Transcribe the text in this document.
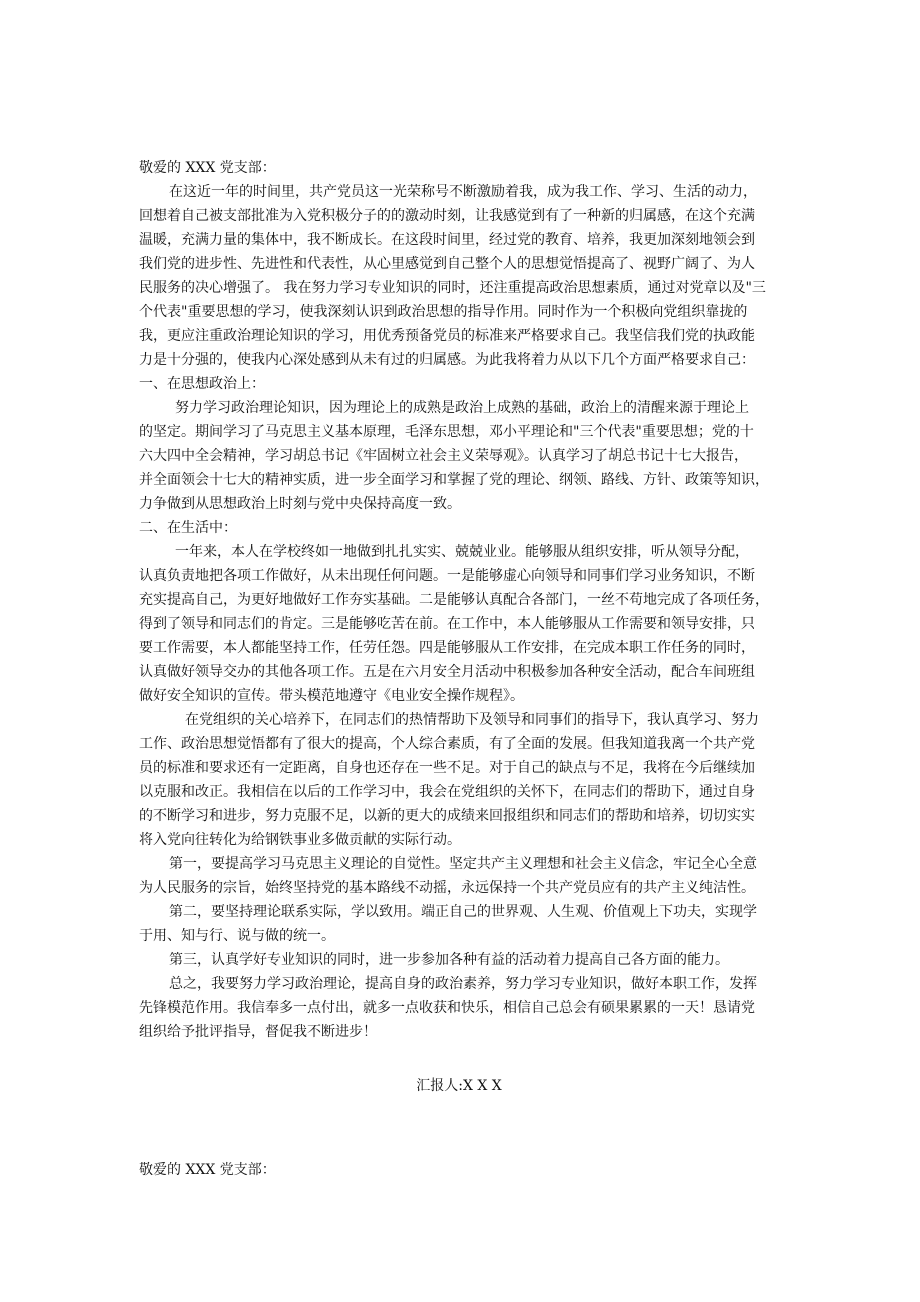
敬爱的 XXX 党支部：
在这近一年的时间里，共产党员这一光荣称号不断激励着我，成为我工作、学习、生活的动力，
回想着自己被支部批准为入党积极分子的的激动时刻，让我感觉到有了一种新的归属感，在这个充满
温暖，充满力量的集体中，我不断成长。在这段时间里，经过党的教育、培养，我更加深刻地领会到
我们党的进步性、先进性和代表性，从心里感觉到自己整个人的思想觉悟提高了、视野广阔了、为人
民服务的决心增强了。 我在努力学习专业知识的同时，还注重提高政治思想素质，通过对党章以及"三
个代表"重要思想的学习，使我深刻认识到政治思想的指导作用。同时作为一个积极向党组织靠拢的
我，更应注重政治理论知识的学习，用优秀预备党员的标准来严格要求自己。我坚信我们党的执政能
力是十分强的，使我内心深处感到从未有过的归属感。为此我将着力从以下几个方面严格要求自己：
一、在思想政治上：
努力学习政治理论知识，因为理论上的成熟是政治上成熟的基础，政治上的清醒来源于理论上
的坚定。期间学习了马克思主义基本原理，毛泽东思想，邓小平理论和"三个代表"重要思想；党的十
六大四中全会精神，学习胡总书记《牢固树立社会主义荣辱观》。认真学习了胡总书记十七大报告，
并全面领会十七大的精神实质，进一步全面学习和掌握了党的理论、纲领、路线、方针、政策等知识，
力争做到从思想政治上时刻与党中央保持高度一致。
二、在生活中：
一年来，本人在学校终如一地做到扎扎实实、兢兢业业。能够服从组织安排，听从领导分配，
认真负责地把各项工作做好，从未出现任何问题。一是能够虚心向领导和同事们学习业务知识，不断
充实提高自己，为更好地做好工作夯实基础。二是能够认真配合各部门，一丝不苟地完成了各项任务，
得到了领导和同志们的肯定。三是能够吃苦在前。在工作中，本人能够服从工作需要和领导安排，只
要工作需要，本人都能坚持工作，任劳任怨。四是能够服从工作安排，在完成本职工作任务的同时，
认真做好领导交办的其他各项工作。五是在六月安全月活动中积极参加各种安全活动，配合车间班组
做好安全知识的宣传。带头模范地遵守《电业安全操作规程》。
在党组织的关心培养下，在同志们的热情帮助下及领导和同事们的指导下，我认真学习、努力
工作、政治思想觉悟都有了很大的提高，个人综合素质，有了全面的发展。但我知道我离一个共产党
员的标准和要求还有一定距离，自身也还存在一些不足。对于自己的缺点与不足，我将在今后继续加
以克服和改正。我相信在以后的工作学习中，我会在党组织的关怀下，在同志们的帮助下，通过自身
的不断学习和进步，努力克服不足，以新的更大的成绩来回报组织和同志们的帮助和培养，切切实实
将入党向往转化为给钢铁事业多做贡献的实际行动。
第一，要提高学习马克思主义理论的自觉性。坚定共产主义理想和社会主义信念，牢记全心全意
为人民服务的宗旨，始终坚持党的基本路线不动摇，永远保持一个共产党员应有的共产主义纯洁性。
第二，要坚持理论联系实际，学以致用。端正自己的世界观、人生观、价值观上下功夫，实现学
于用、知与行、说与做的统一。
第三，认真学好专业知识的同时，进一步参加各种有益的活动着力提高自己各方面的能力。
总之，我要努力学习政治理论，提高自身的政治素养，努力学习专业知识，做好本职工作，发挥
先锋模范作用。我信奉多一点付出，就多一点收获和快乐，相信自己总会有硕果累累的一天！恳请党
组织给予批评指导，督促我不断进步！
汇报人:X X X
敬爱的 XXX 党支部：
